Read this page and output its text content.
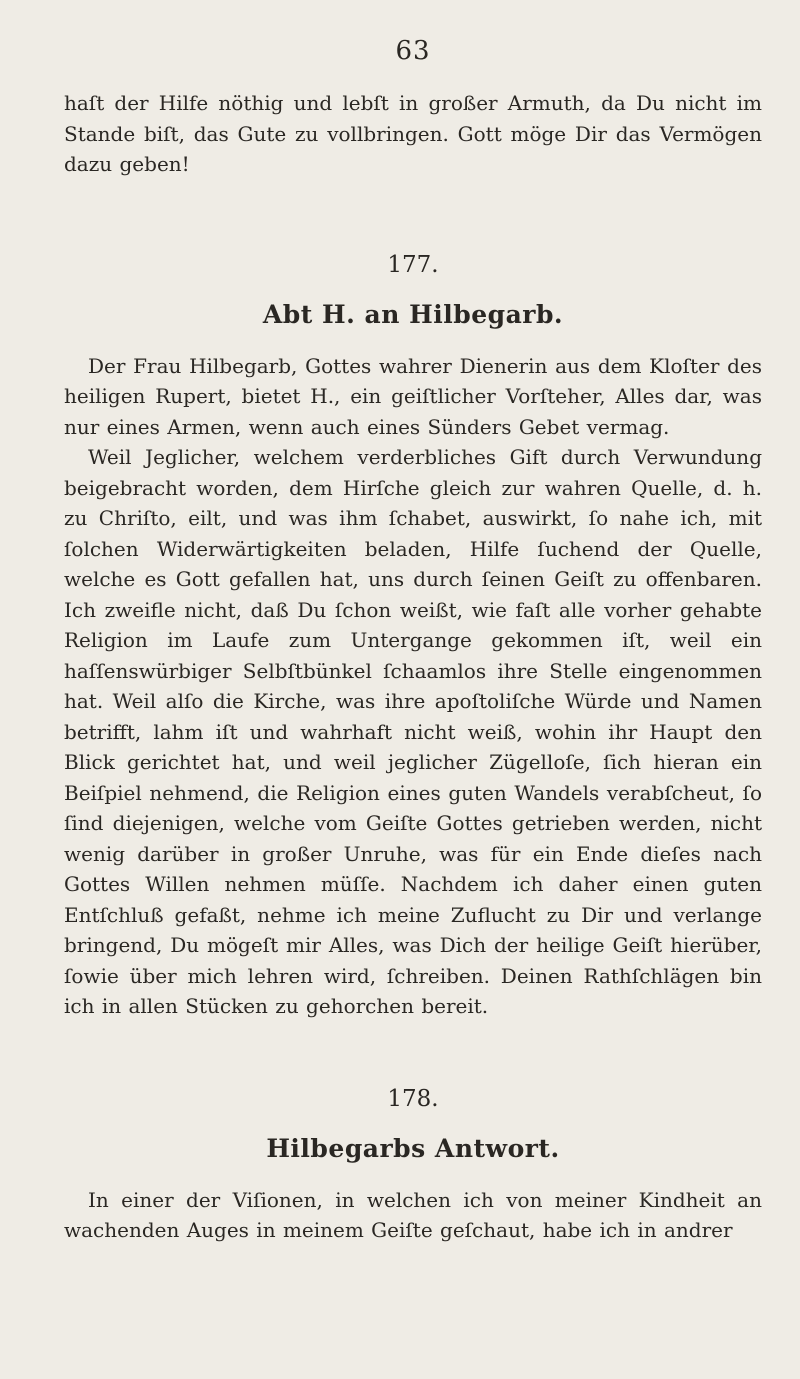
63

haſt der Hilfe nöthig und lebſt in großer Armuth, da Du nicht im Stande biſt, das Gute zu vollbringen. Gott möge Dir das Vermögen dazu geben!

177.
Abt H. an Hilbegarb.

Der Frau Hilbegarb, Gottes wahrer Dienerin aus dem Kloſter des heiligen Rupert, bietet H., ein geiſtlicher Vorſteher, Alles dar, was nur eines Armen, wenn auch eines Sünders Gebet vermag.

Weil Jeglicher, welchem verderbliches Gift durch Verwundung beigebracht worden, dem Hirſche gleich zur wahren Quelle, d. h. zu Chriſto, eilt, und was ihm ſchabet, auswirkt, ſo nahe ich, mit ſolchen Widerwärtigkeiten beladen, Hilfe ſuchend der Quelle, welche es Gott gefallen hat, uns durch ſeinen Geiſt zu offenbaren. Ich zweifle nicht, daß Du ſchon weißt, wie faſt alle vorher gehabte Religion im Laufe zum Untergange gekommen iſt, weil ein haſſenswürbiger Selbſtbünkel ſchaamlos ihre Stelle eingenommen hat. Weil alſo die Kirche, was ihre apoſtoliſche Würde und Namen betrifft, lahm iſt und wahrhaft nicht weiß, wohin ihr Haupt den Blick gerichtet hat, und weil jeglicher Zügelloſe, ſich hieran ein Beiſpiel nehmend, die Religion eines guten Wandels verabſcheut, ſo ſind diejenigen, welche vom Geiſte Gottes getrieben werden, nicht wenig darüber in großer Unruhe, was für ein Ende dieſes nach Gottes Willen nehmen müſſe. Nachdem ich daher einen guten Entſchluß gefaßt, nehme ich meine Zuflucht zu Dir und verlange bringend, Du mögeſt mir Alles, was Dich der heilige Geiſt hierüber, ſowie über mich lehren wird, ſchreiben. Deinen Rathſchlägen bin ich in allen Stücken zu gehorchen bereit.

178.
Hilbegarbs Antwort.

In einer der Viſionen, in welchen ich von meiner Kindheit an wachenden Auges in meinem Geiſte geſchaut, habe ich in andrer
